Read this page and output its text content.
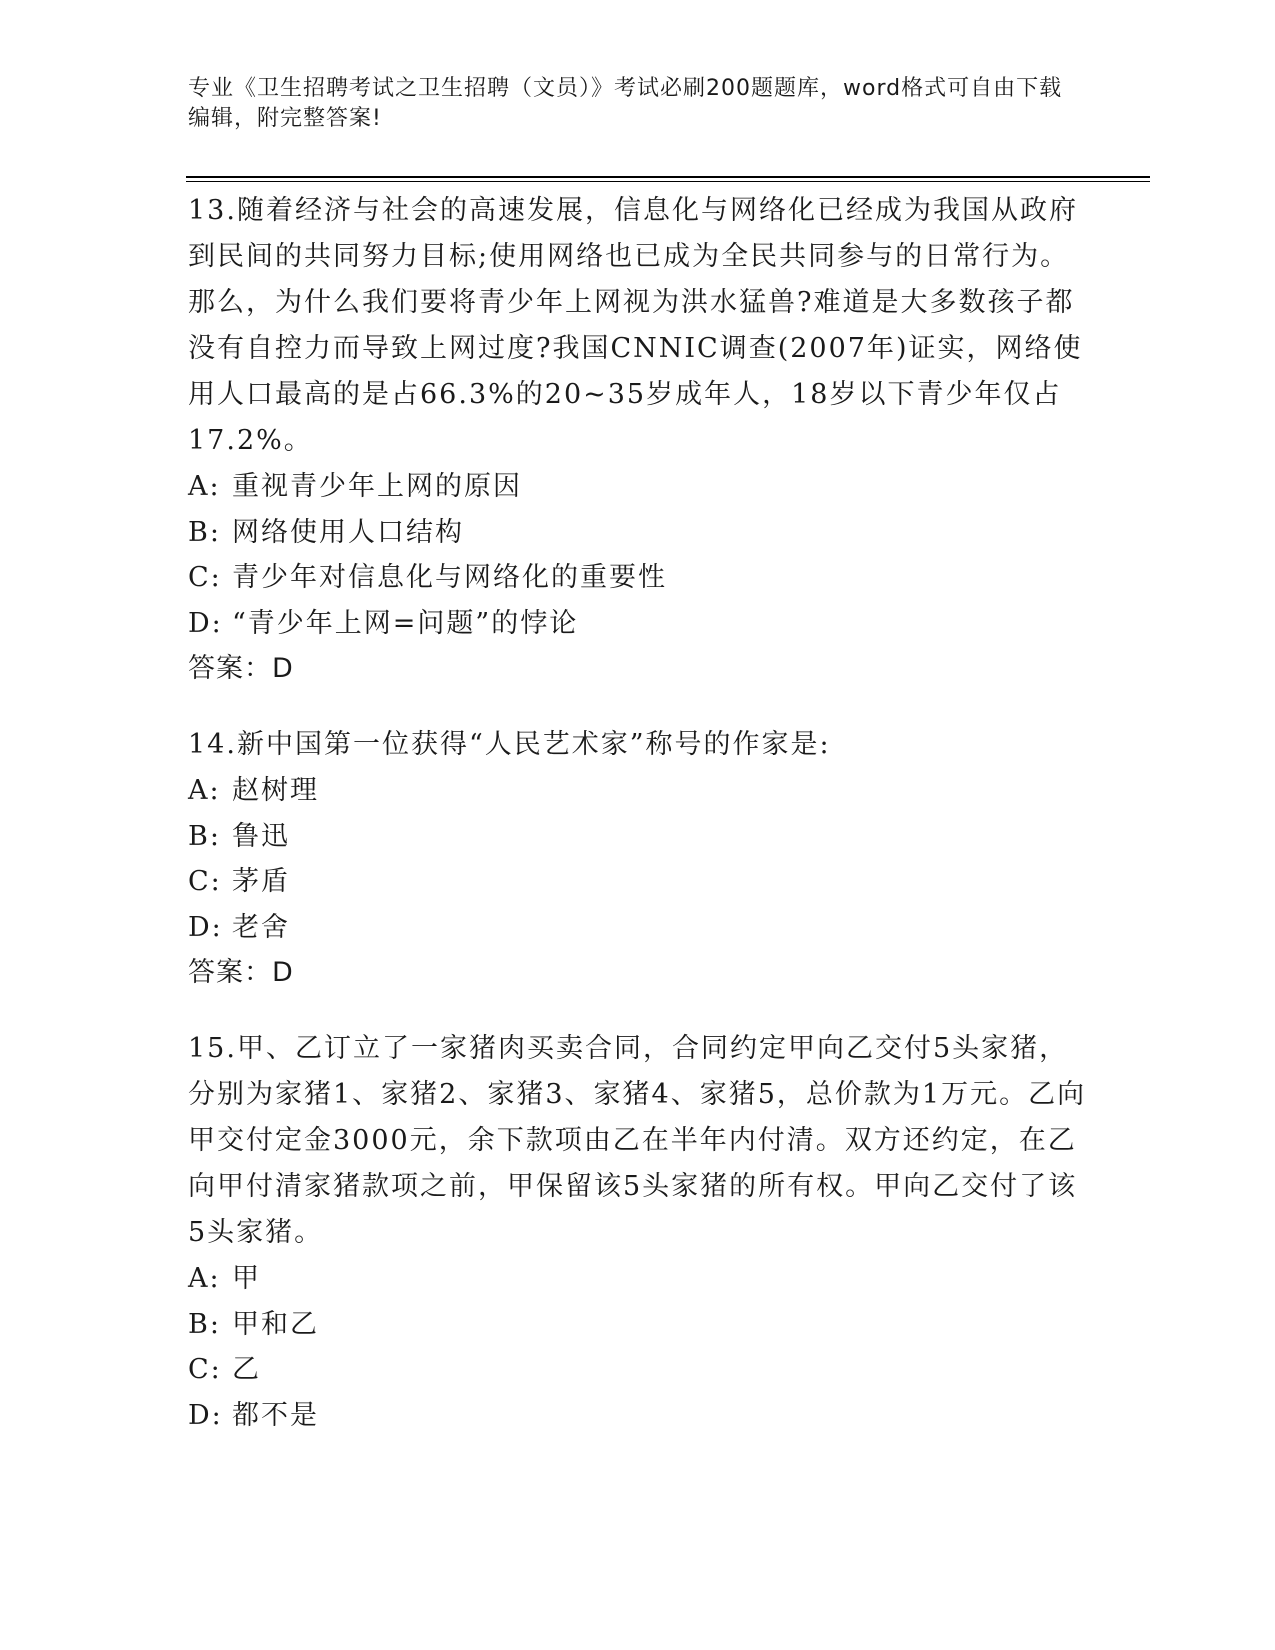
专业《卫生招聘考试之卫生招聘（文员）》考试必刷200题题库，word格式可自由下载编辑，附完整答案!

13.随着经济与社会的高速发展，信息化与网络化已经成为我国从政府到民间的共同努力目标;使用网络也已成为全民共同参与的日常行为。那么，为什么我们要将青少年上网视为洪水猛兽?难道是大多数孩子都没有自控力而导致上网过度?我国CNNIC调查(2007年)证实，网络使用人口最高的是占66.3%的20~35岁成年人，18岁以下青少年仅占17.2%。

A: 重视青少年上网的原因
B: 网络使用人口结构
C: 青少年对信息化与网络化的重要性
D: “青少年上网=问题”的悖论
答案：D

14.新中国第一位获得“人民艺术家”称号的作家是:

A: 赵树理
B: 鲁迅
C: 茅盾
D: 老舍
答案：D

15.甲、乙订立了一家猪肉买卖合同，合同约定甲向乙交付5头家猪，分别为家猪1、家猪2、家猪3、家猪4、家猪5，总价款为1万元。乙向甲交付定金3000元，余下款项由乙在半年内付清。双方还约定，在乙向甲付清家猪款项之前，甲保留该5头家猪的所有权。甲向乙交付了该5头家猪。

A: 甲
B: 甲和乙
C: 乙
D: 都不是
